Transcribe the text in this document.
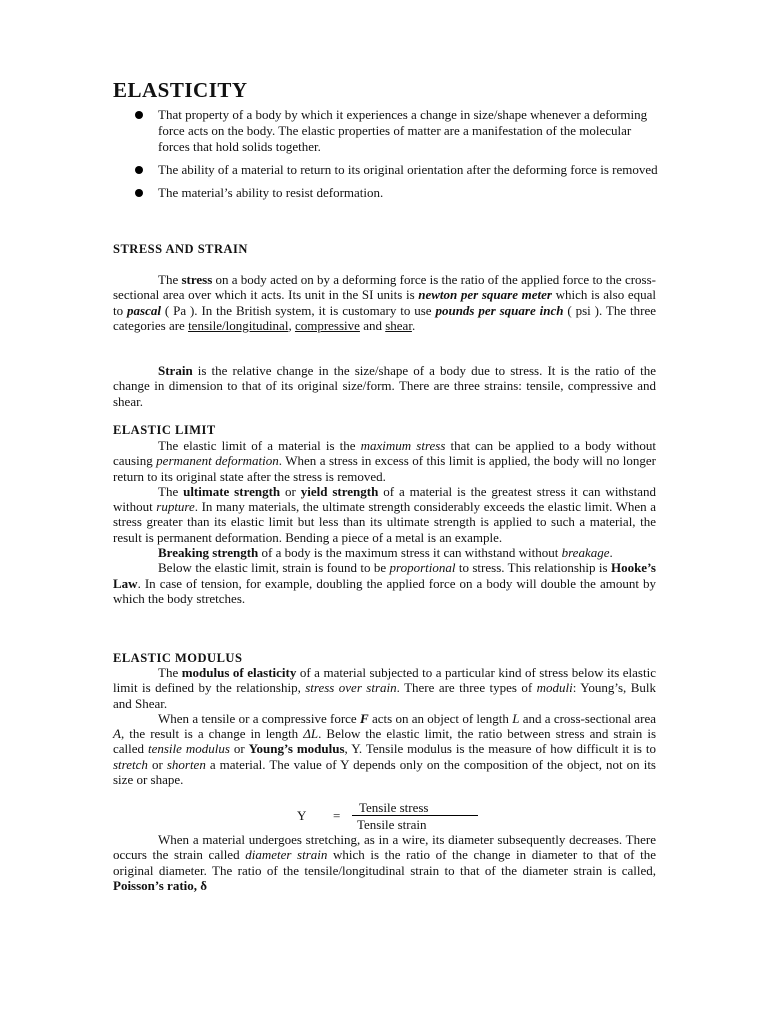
ELASTICITY
That property of a body by which it experiences a change in size/shape whenever a deforming force acts on the body. The elastic properties of matter are a manifestation of the molecular forces that hold solids together.
The ability of a material to return to its original orientation after the deforming force is removed
The material’s ability to resist deformation.
STRESS AND STRAIN

The stress on a body acted on by a deforming force is the ratio of the applied force to the cross-sectional area over which it acts. Its unit in the SI units is newton per square meter which is also equal to pascal ( Pa ). In the British system, it is customary to use pounds per square inch ( psi ). The three categories are tensile/longitudinal, compressive and shear.

Strain is the relative change in the size/shape of a body due to stress. It is the ratio of the change in dimension to that of its original size/form. There are three strains: tensile, compressive and shear.

ELASTIC LIMIT

The elastic limit of a material is the maximum stress that can be applied to a body without causing permanent deformation. When a stress in excess of this limit is applied, the body will no longer return to its original state after the stress is removed.

The ultimate strength or yield strength of a material is the greatest stress it can withstand without rupture. In many materials, the ultimate strength considerably exceeds the elastic limit. When a stress greater than its elastic limit but less than its ultimate strength is applied to such a material, the result is permanent deformation. Bending a piece of a metal is an example.

Breaking strength of a body is the maximum stress it can withstand without breakage.

Below the elastic limit, strain is found to be proportional to stress. This relationship is Hooke’s Law. In case of tension, for example, doubling the applied force on a body will double the amount by which the body stretches.

ELASTIC MODULUS

The modulus of elasticity of a material subjected to a particular kind of stress below its elastic limit is defined by the relationship, stress over strain. There are three types of moduli: Young’s, Bulk and Shear.

When a tensile or a compressive force F acts on an object of length L and a cross-sectional area A, the result is a change in length ΔL. Below the elastic limit, the ratio between stress and strain is called tensile modulus or Young’s modulus, Y. Tensile modulus is the measure of how difficult it is to stretch or shorten a material. The value of Y depends only on the composition of the object, not on its size or shape.

Y =
Tensile stress
Tensile strain

When a material undergoes stretching, as in a wire, its diameter subsequently decreases. There occurs the strain called diameter strain which is the ratio of the change in diameter to that of the original diameter. The ratio of the tensile/longitudinal strain to that of the diameter strain is called, Poisson’s ratio, δ
